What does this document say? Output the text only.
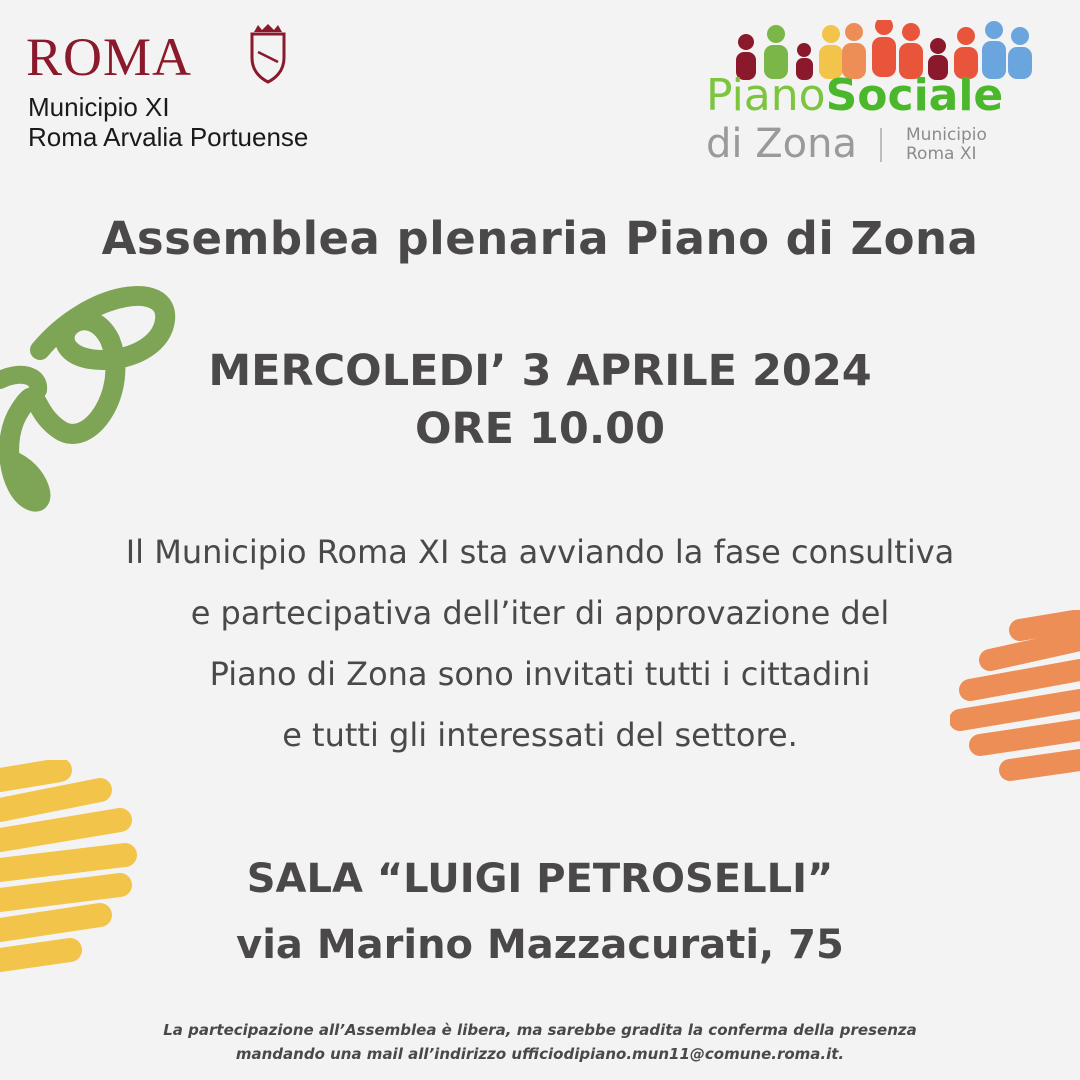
ROMA
Municipio XI
Roma Arvalia Portuense
PianoSociale
di Zona	Municipio
Roma XI
Assemblea plenaria Piano di Zona
MERCOLEDI’ 3 APRILE 2024
ORE 10.00
Il Municipio Roma XI sta avviando la fase consultiva
e partecipativa dell’iter di approvazione del
Piano di Zona sono invitati tutti i cittadini
e tutti gli interessati del settore.
SALA “LUIGI PETROSELLI”
via Marino Mazzacurati, 75
La partecipazione all’Assemblea è libera, ma sarebbe gradita la conferma della presenza
mandando una mail all’indirizzo ufficiodipiano.mun11@comune.roma.it.
